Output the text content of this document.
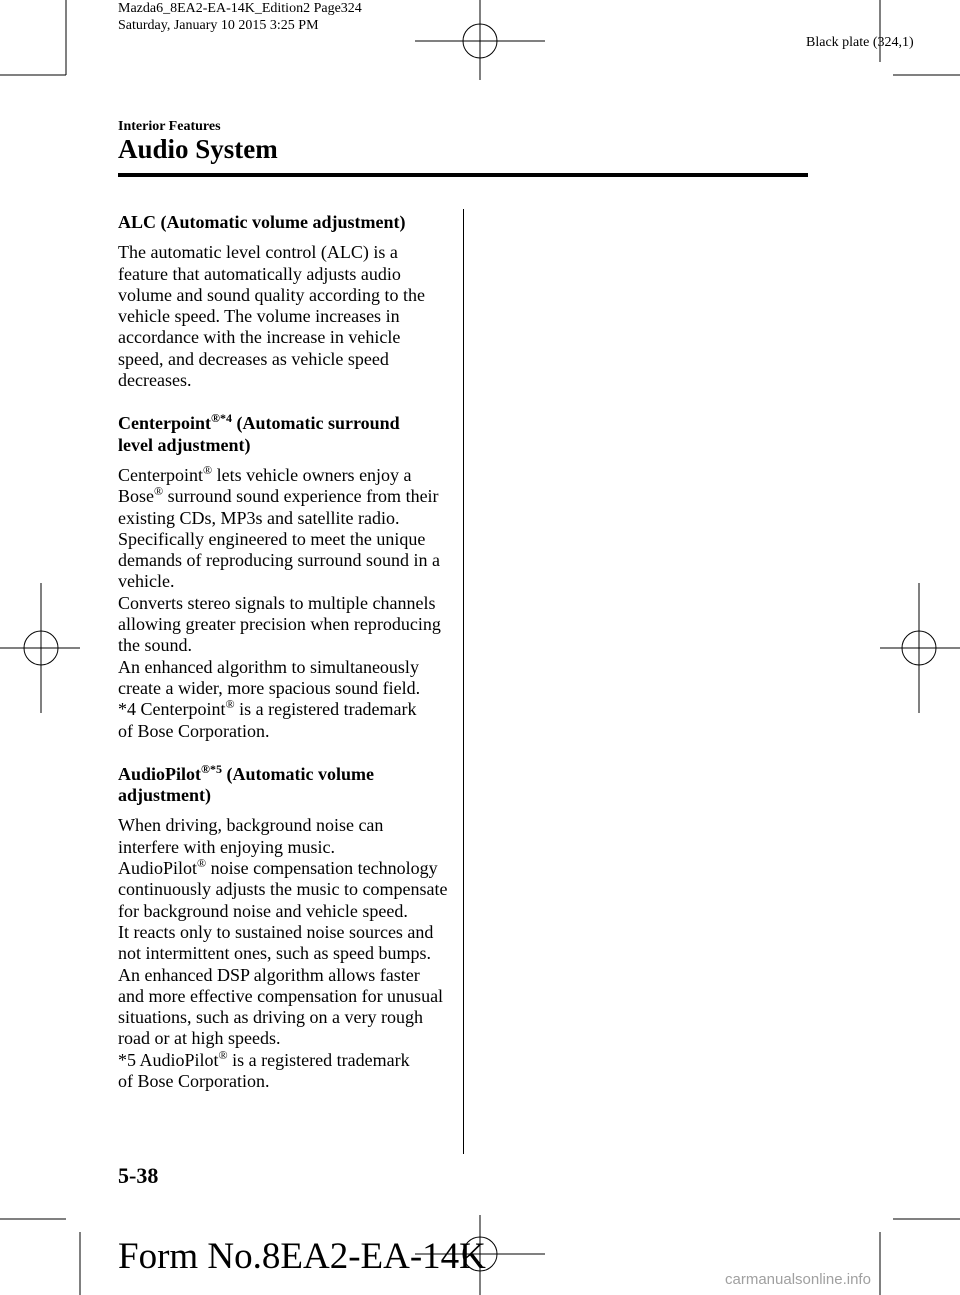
Mazda6_8EA2-EA-14K_Edition2 Page324
Saturday, January 10 2015 3:25 PM
Black plate (324,1)
Interior Features
Audio System

ALC (Automatic volume adjustment)

The automatic level control (ALC) is a feature that automatically adjusts audio volume and sound quality according to the vehicle speed. The volume increases in accordance with the increase in vehicle speed, and decreases as vehicle speed decreases.

Centerpoint$^{®*4}$ (Automatic surround
level adjustment)

Centerpoint® lets vehicle owners enjoy a
Bose® surround sound experience from their existing CDs, MP3s and satellite radio.

Specifically engineered to meet the unique demands of reproducing surround sound in a vehicle.

Converts stereo signals to multiple channels allowing greater precision when reproducing the sound.

An enhanced algorithm to simultaneously create a wider, more spacious sound field.

*4 Centerpoint® is a registered trademark
of Bose Corporation.

AudioPilot$^{®*5}$ (Automatic volume
adjustment)

When driving, background noise can interfere with enjoying music.

AudioPilot® noise compensation technology continuously adjusts the music to compensate for background noise and vehicle speed.

It reacts only to sustained noise sources and not intermittent ones, such as speed bumps.

An enhanced DSP algorithm allows faster and more effective compensation for unusual situations, such as driving on a very rough road or at high speeds.

*5 AudioPilot® is a registered trademark
of Bose Corporation.

5-38
Form No.8EA2-EA-14K
carmanualsonline.info
